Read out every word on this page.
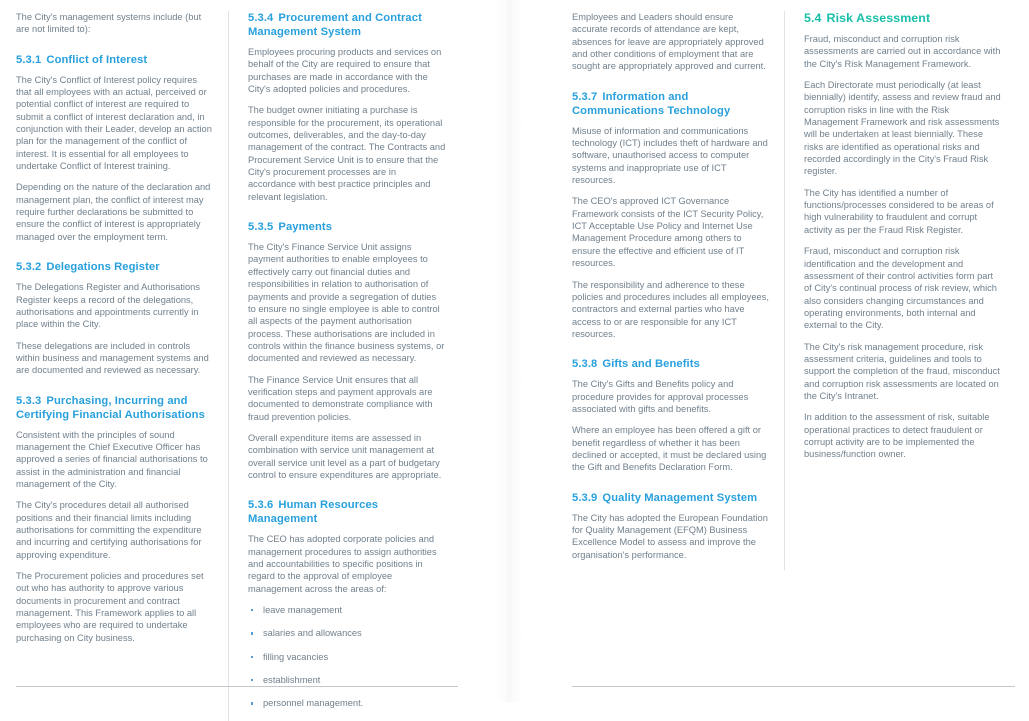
The City's management systems include (but are not limited to):

5.3.1 Conflict of Interest

The City's Conflict of Interest policy requires that all employees with an actual, perceived or potential conflict of interest are required to submit a conflict of interest declaration and, in conjunction with their Leader, develop an action plan for the management of the conflict of interest. It is essential for all employees to undertake Conflict of Interest training.

Depending on the nature of the declaration and management plan, the conflict of interest may require further declarations be submitted to ensure the conflict of interest is appropriately managed over the employment term.

5.3.2 Delegations Register

The Delegations Register and Authorisations Register keeps a record of the delegations, authorisations and appointments currently in place within the City.

These delegations are included in controls within business and management systems and are documented and reviewed as necessary.

5.3.3 Purchasing, Incurring and Certifying Financial Authorisations

Consistent with the principles of sound management the Chief Executive Officer has approved a series of financial authorisations to assist in the administration and financial management of the City.

The City's procedures detail all authorised positions and their financial limits including authorisations for committing the expenditure and incurring and certifying authorisations for approving expenditure.

The Procurement policies and procedures set out who has authority to approve various documents in procurement and contract management. This Framework applies to all employees who are required to undertake purchasing on City business.

5.3.4 Procurement and Contract Management System

Employees procuring products and services on behalf of the City are required to ensure that purchases are made in accordance with the City's adopted policies and procedures.

The budget owner initiating a purchase is responsible for the procurement, its operational outcomes, deliverables, and the day-to-day management of the contract. The Contracts and Procurement Service Unit is to ensure that the City's procurement processes are in accordance with best practice principles and relevant legislation.

5.3.5 Payments

The City's Finance Service Unit assigns payment authorities to enable employees to effectively carry out financial duties and responsibilities in relation to authorisation of payments and provide a segregation of duties to ensure no single employee is able to control all aspects of the payment authorisation process. These authorisations are included in controls within the finance business systems, or documented and reviewed as necessary.

The Finance Service Unit ensures that all verification steps and payment approvals are documented to demonstrate compliance with fraud prevention policies.

Overall expenditure items are assessed in combination with service unit management at overall service unit level as a part of budgetary control to ensure expenditures are appropriate.

5.3.6 Human Resources Management

The CEO has adopted corporate policies and management procedures to assign authorities and accountabilities to specific positions in regard to the approval of employee management across the areas of:

leave management
salaries and allowances
filling vacancies
establishment
personnel management.

Employees and Leaders should ensure accurate records of attendance are kept, absences for leave are appropriately approved and other conditions of employment that are sought are appropriately approved and current.

5.3.7 Information and Communications Technology

Misuse of information and communications technology (ICT) includes theft of hardware and software, unauthorised access to computer systems and inappropriate use of ICT resources.

The CEO's approved ICT Governance Framework consists of the ICT Security Policy, ICT Acceptable Use Policy and Internet Use Management Procedure among others to ensure the effective and efficient use of IT resources.

The responsibility and adherence to these policies and procedures includes all employees, contractors and external parties who have access to or are responsible for any ICT resources.

5.3.8 Gifts and Benefits

The City's Gifts and Benefits policy and procedure provides for approval processes associated with gifts and benefits.

Where an employee has been offered a gift or benefit regardless of whether it has been declined or accepted, it must be declared using the Gift and Benefits Declaration Form.

5.3.9 Quality Management System

The City has adopted the European Foundation for Quality Management (EFQM) Business Excellence Model to assess and improve the organisation's performance.

5.4 Risk Assessment

Fraud, misconduct and corruption risk assessments are carried out in accordance with the City's Risk Management Framework.

Each Directorate must periodically (at least biennially) identify, assess and review fraud and corruption risks in line with the Risk Management Framework and risk assessments will be undertaken at least biennially. These risks are identified as operational risks and recorded accordingly in the City's Fraud Risk register.

The City has identified a number of functions/processes considered to be areas of high vulnerability to fraudulent and corrupt activity as per the Fraud Risk Register.

Fraud, misconduct and corruption risk identification and the development and assessment of their control activities form part of City's continual process of risk review, which also considers changing circumstances and operating environments, both internal and external to the City.

The City's risk management procedure, risk assessment criteria, guidelines and tools to support the completion of the fraud, misconduct and corruption risk assessments are located on the City's Intranet.

In addition to the assessment of risk, suitable operational practices to detect fraudulent or corrupt activity are to be implemented the business/function owner.
